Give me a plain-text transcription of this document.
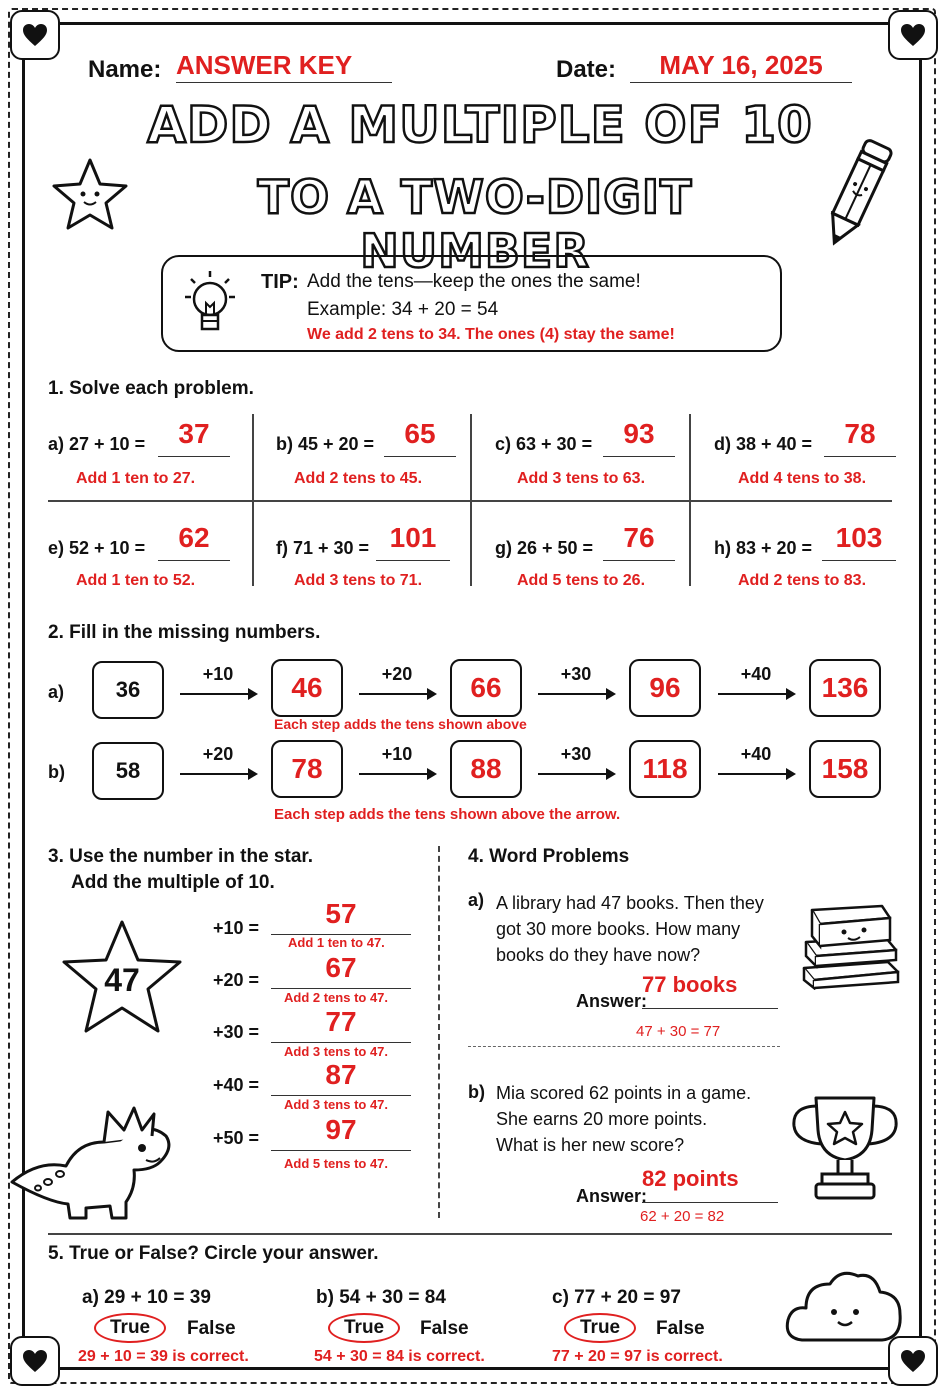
Name: ANSWER KEY	Date:	MAY 16, 2025
ADD A MULTIPLE OF 10
TO A TWO-DIGIT NUMBER
TIP: Add the tens—keep the ones the same!
Example: 34 + 20 = 54
We add 2 tens to 34. The ones (4) stay the same!
1. Solve each problem.
a) 27 + 10 =	37
Add 1 ten to 27.
b) 45 + 20 =	65
Add 2 tens to 45.
c) 63 + 30 =	93
Add 3 tens to 63.
d) 38 + 40 =	78
Add 4 tens to 38.
e) 52 + 10 =	62
Add 1 ten to 52.
f) 71 + 30 = 101
Add 3 tens to 71.
g) 26 + 50 =	76
Add 5 tens to 26.
h) 83 + 20 = 103
Add 2 tens to 83.
2. Fill in the missing numbers.
a)	36
+10	46	+20	66	+30	96	+40	136
Each step adds the tens shown above
b)	58
+20	78	+10	88	+30	118	+40	158
Each step adds the tens shown above the arrow.
3. Use the number in the star.
Add the multiple of 10.
47
+10 =	57
Add 1 ten to 47.
+20 =	67
Add 2 tens to 47.
+30 =	77
Add 3 tens to 47.
+40 =	87
Add 3 tens to 47.
+50 =	97
Add 5 tens to 47.
4. Word Problems
a) A library had 47 books. Then they
got 30 more books. How many
books do they have now?
Answer:
77 books
47 + 30 = 77
b) Mia scored 62 points in a game.
She earns 20 more points.
What is her new score?
Answer:
82 points
62 + 20 = 82
5. True or False? Circle your answer.
a) 29 + 10 = 39
True	False
29 + 10 = 39 is correct.
b) 54 + 30 = 84
True	False
54 + 30 = 84 is correct.
c) 77 + 20 = 97
True	False
77 + 20 = 97 is correct.
